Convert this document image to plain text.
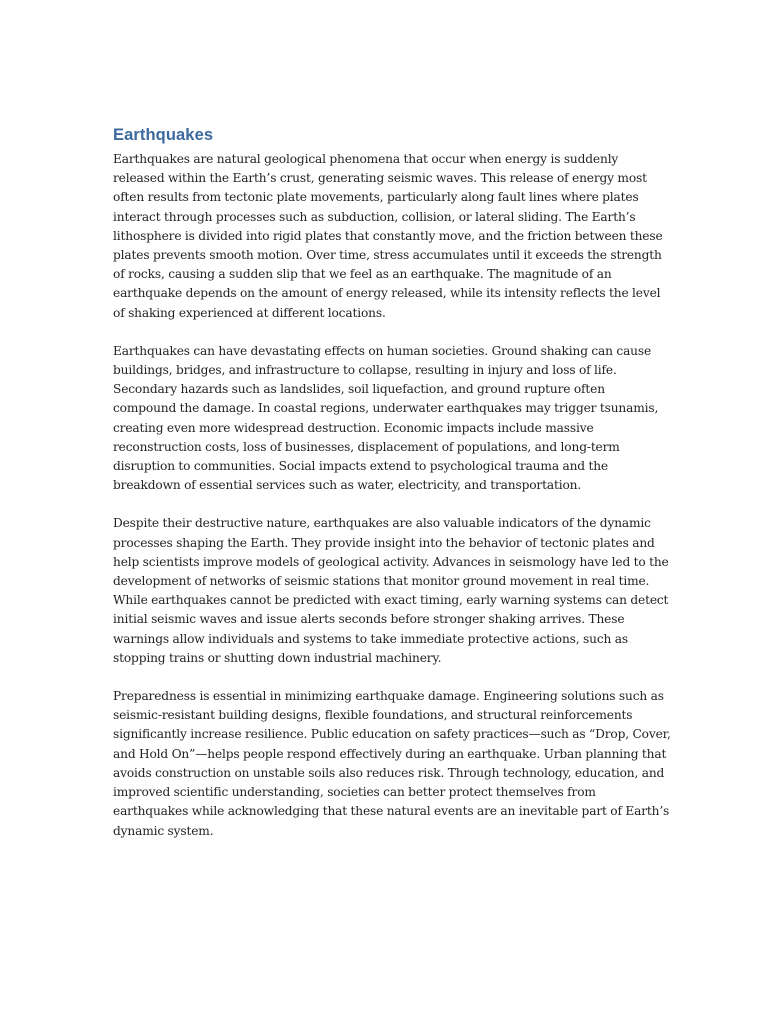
Earthquakes

Earthquakes are natural geological phenomena that occur when energy is suddenly
released within the Earth’s crust, generating seismic waves. This release of energy most
often results from tectonic plate movements, particularly along fault lines where plates
interact through processes such as subduction, collision, or lateral sliding. The Earth’s
lithosphere is divided into rigid plates that constantly move, and the friction between these
plates prevents smooth motion. Over time, stress accumulates until it exceeds the strength
of rocks, causing a sudden slip that we feel as an earthquake. The magnitude of an
earthquake depends on the amount of energy released, while its intensity reflects the level
of shaking experienced at different locations.

Earthquakes can have devastating effects on human societies. Ground shaking can cause
buildings, bridges, and infrastructure to collapse, resulting in injury and loss of life.
Secondary hazards such as landslides, soil liquefaction, and ground rupture often
compound the damage. In coastal regions, underwater earthquakes may trigger tsunamis,
creating even more widespread destruction. Economic impacts include massive
reconstruction costs, loss of businesses, displacement of populations, and long-term
disruption to communities. Social impacts extend to psychological trauma and the
breakdown of essential services such as water, electricity, and transportation.

Despite their destructive nature, earthquakes are also valuable indicators of the dynamic
processes shaping the Earth. They provide insight into the behavior of tectonic plates and
help scientists improve models of geological activity. Advances in seismology have led to the
development of networks of seismic stations that monitor ground movement in real time.
While earthquakes cannot be predicted with exact timing, early warning systems can detect
initial seismic waves and issue alerts seconds before stronger shaking arrives. These
warnings allow individuals and systems to take immediate protective actions, such as
stopping trains or shutting down industrial machinery.

Preparedness is essential in minimizing earthquake damage. Engineering solutions such as
seismic-resistant building designs, flexible foundations, and structural reinforcements
significantly increase resilience. Public education on safety practices—such as “Drop, Cover,
and Hold On”—helps people respond effectively during an earthquake. Urban planning that
avoids construction on unstable soils also reduces risk. Through technology, education, and
improved scientific understanding, societies can better protect themselves from
earthquakes while acknowledging that these natural events are an inevitable part of Earth’s
dynamic system.
